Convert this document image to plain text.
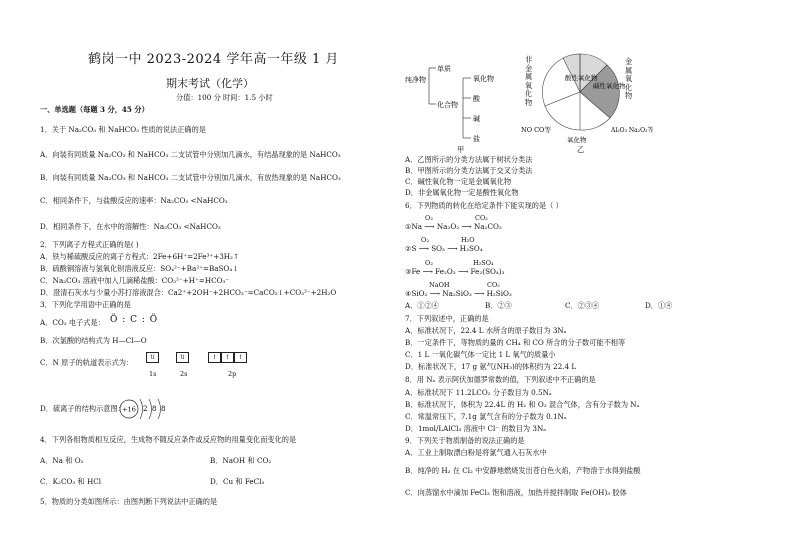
鹤岗一中 2023-2024 学年高一年级 1 月
期末考试（化学）
分值：100 分 时间：1.5 小时
一、单选题（每题 3 分，45 分）
1．关于 Na₂CO₃ 和 NaHCO₃ 性质的说法正确的是
A．向装有同质量 Na₂CO₃ 和 NaHCO₃ 二支试管中分别加几滴水，有结晶现象的是 NaHCO₃
B．向装有同质量 Na₂CO₃ 和 NaHCO₃ 二支试管中分别加几滴水，有放热现象的是 NaHCO₃
C．相同条件下，与盐酸反应的速率：Na₂CO₃ <NaHCO₃
D．相同条件下，在水中的溶解性：Na₂CO₃ <NaHCO₃
2．下列离子方程式正确的是( )
A．铁与稀硫酸反应的离子方程式：2Fe+6H⁺=2Fe³⁺+3H₂↑
B．硫酸铜溶液与氢氧化钡溶液反应：SO₄²⁻+Ba²⁺=BaSO₄↓
C．Na₂CO₃ 溶液中加入几滴稀盐酸：CO₃²⁻+H⁺=HCO₃⁻
D．澄清石灰水与少量小苏打溶液混合：Ca2⁺+2OH⁻+2HCO₃⁻=CaCO₃↓+CO₃²⁻+2H₂O
3．下列化学用语中正确的是
A．CO₂ 电子式是： Ö : C : Ö
B．次氯酸的结构式为 H—Cl—O
C．N 原子的轨道表示式为：
⇅	⇅	↑	↑	↑
1s	2s	2p
D．硫离子的结构示意图：
+16 2 8 8
4．下列各组物质相互反应，生成物不随反应条件或反应物的用量变化而变化的是
A．Na 和 O₂	B．NaOH 和 CO₂
C．K₂CO₃ 和 HCl	D．Cu 和 FeCl₃
5．物质的分类如图所示：由图判断下列说法中正确的是
纯净物
单质
化合物
氧化物
酸
碱
盐
甲
酸性氧化物
碱性氧化物
氧化物
NO CO等	Al₂O₃ Na₂O₂等
非金属氧化物
金属氧化物
乙
A．乙图所示的分类方法属于树状分类法
B．甲图所示的分类方法属于交叉分类法
C．碱性氧化物一定是金属氧化物
D．非金属氧化物一定是酸性氧化物
6．下列物质的转化在给定条件下能实现的是（ ）
①Na ⟶ Na₂O₂ ⟶ Na₂CO₃
O₂	CO₂
②S ⟶ SO₃ ⟶ H₂SO₄
O₂	H₂O
③Fe ⟶ Fe₂O₃ ⟶ Fe₂(SO₄)₃
O₂	H₂SO₄
④SiO₂ ⟶ Na₂SiO₃ ⟶ H₂SiO₃
NaOH	CO₂
A．①②④	B．②③	C．②③④	D．①④
7．下列叙述中，正确的是
A．标准状况下，22.4 L 水所含的原子数目为 3Nₐ
B．一定条件下，等物质的量的 CH₄ 和 CO 所含的分子数可能不相等
C．1 L 一氧化碳气体一定比 1 L 氧气的质量小
D．标准状况下，17 g 氨气(NH₃)的体积约为 22.4 L
8．用 Nₐ 表示阿伏加德罗常数的值，下列叙述中不正确的是
A．标准状况下 11.2LCO₂ 分子数目为 0.5Nₐ
B．标准状况下，体积为 22.4L 的 H₂ 和 O₂ 混合气体，含有分子数为 Nₐ
C．常温常压下，7.1g 氯气含有的分子数为 0.1Nₐ
D．1mol/LAlCl₃ 溶液中 Cl⁻ 的数目为 3Nₐ
9．下列关于物质制备的说法正确的是
A．工业上制取漂白粉是将氯气通入石灰水中
B．纯净的 H₂ 在 Cl₂ 中安静地燃烧发出苍白色火焰，产物溶于水得到盐酸
C．向蒸馏水中滴加 FeCl₃ 饱和溶液，加热并搅拌制取 Fe(OH)₃ 胶体
